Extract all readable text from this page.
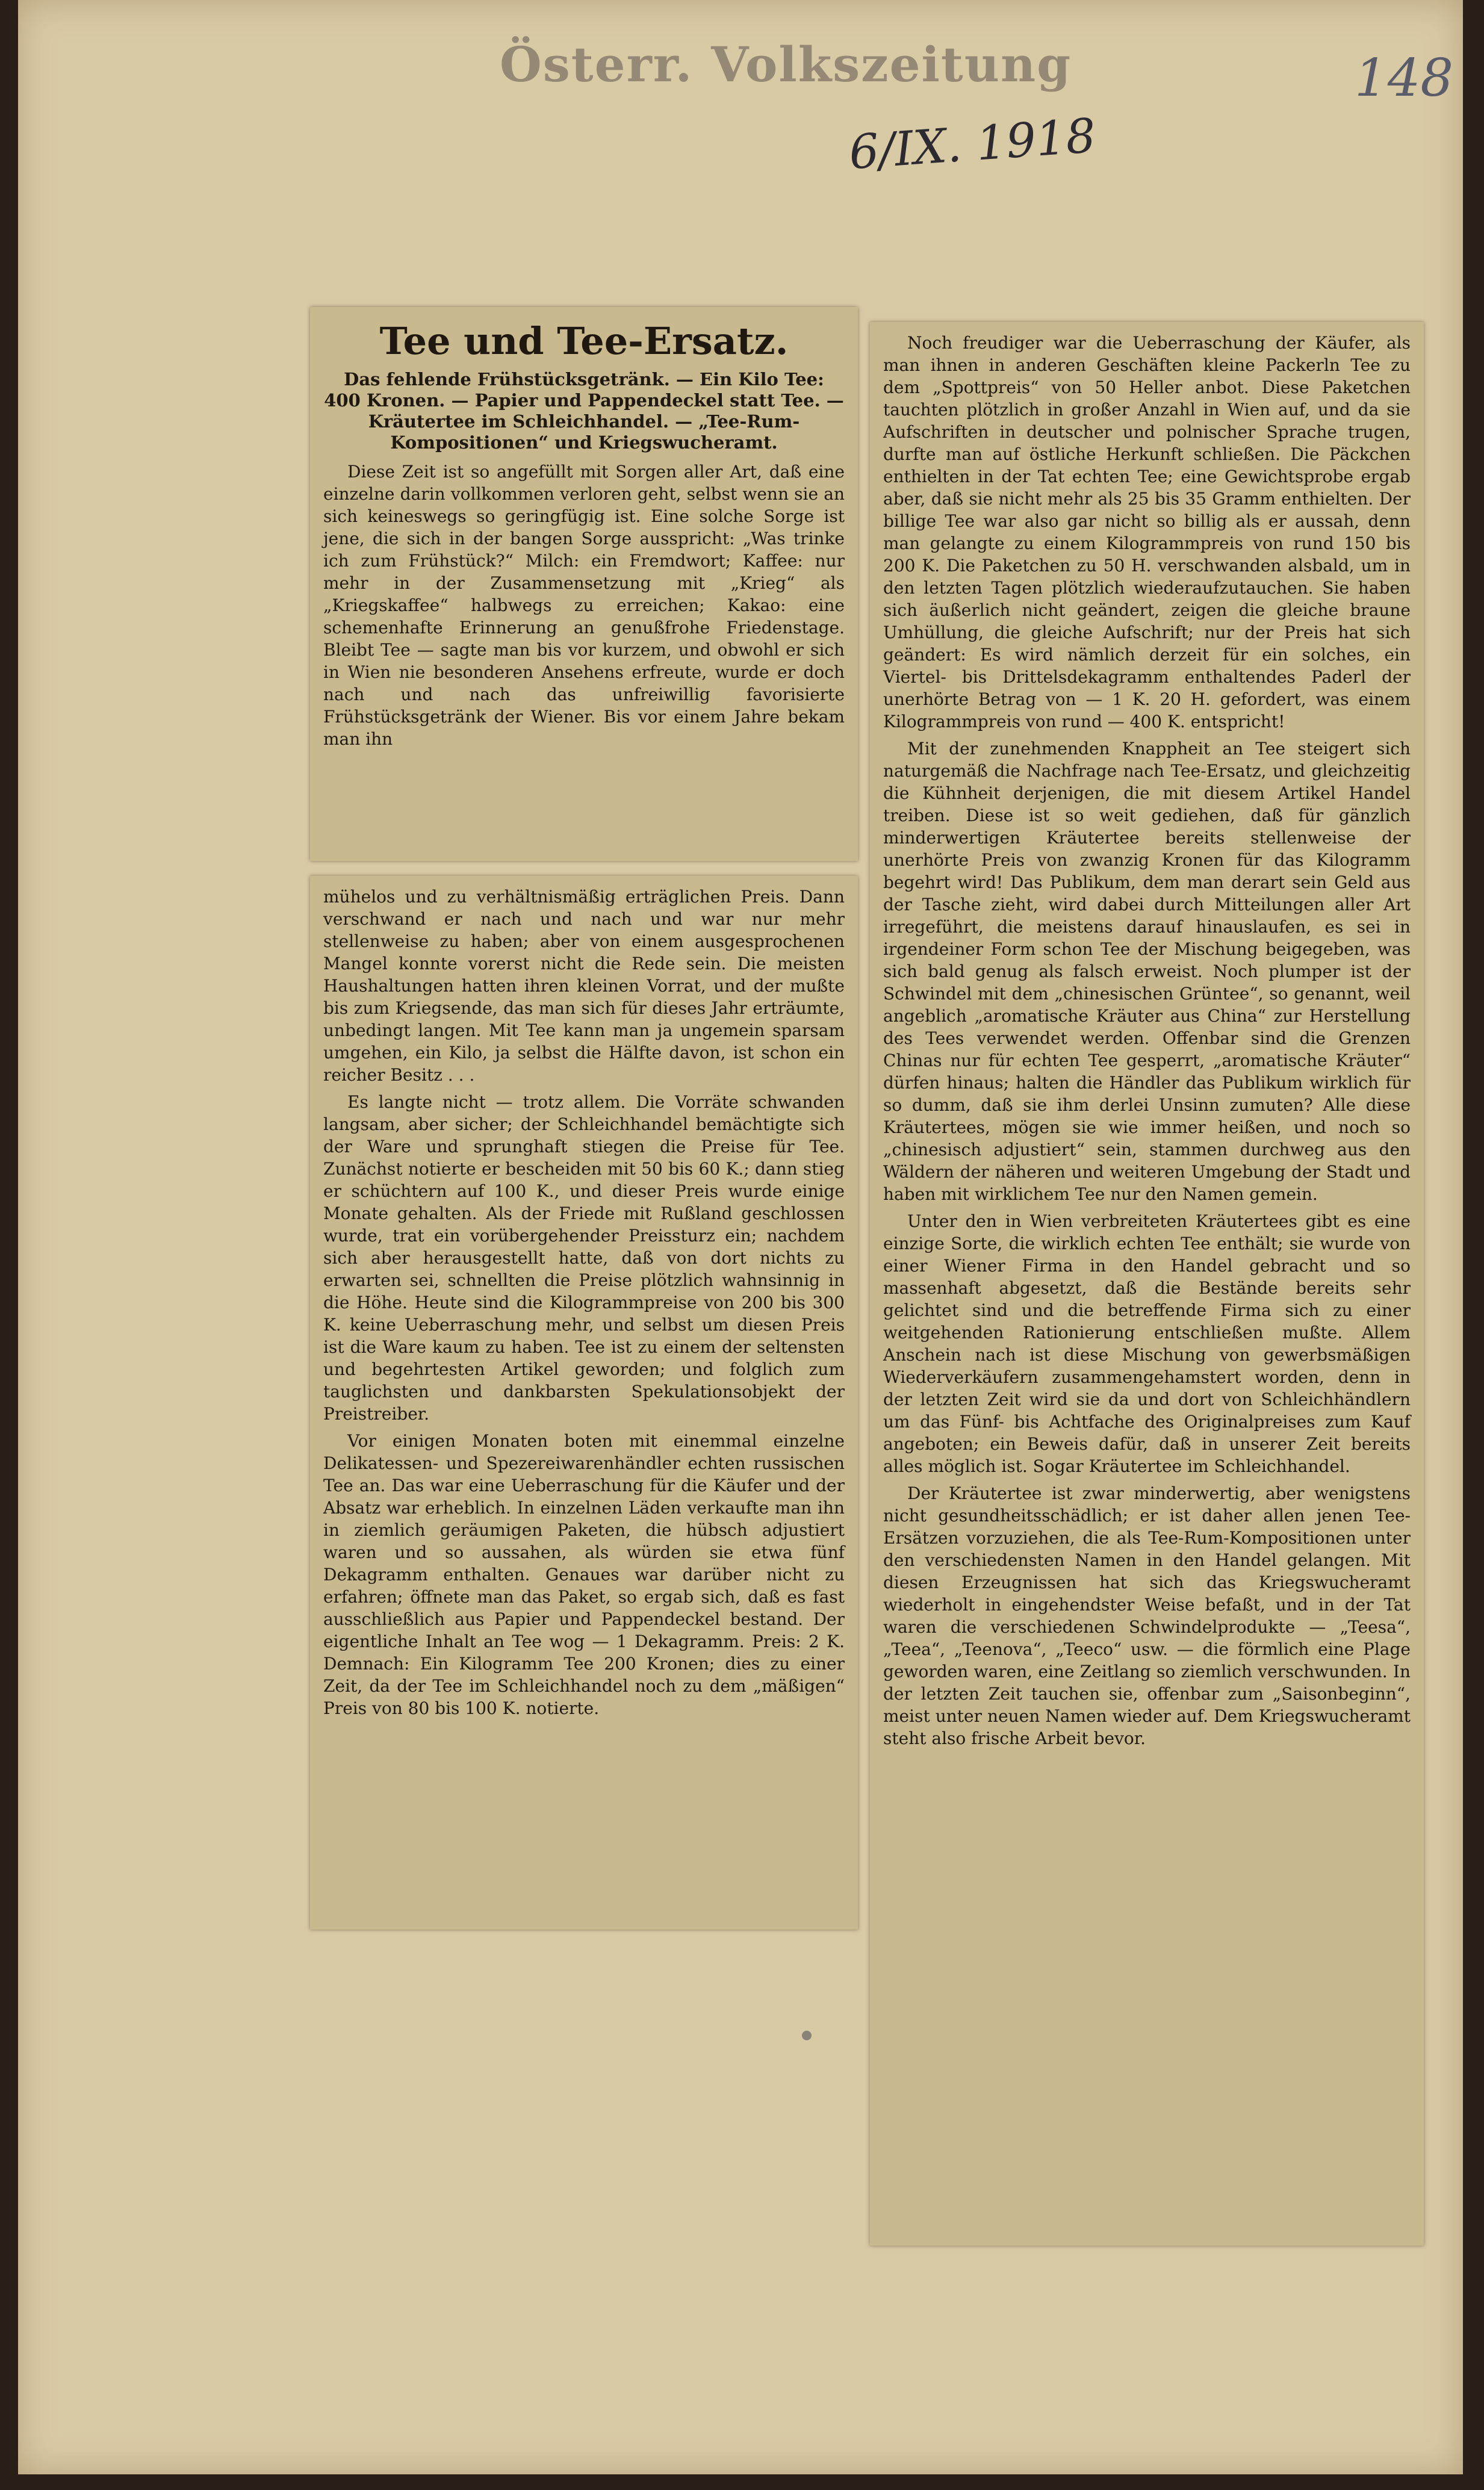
Österr. Volkszeitung
6/IX. 1918
148
Tee und Tee-Ersatz.

Das fehlende Frühstücksgetränk. — Ein Kilo Tee: 400 Kronen. — Papier und Pappendeckel statt Tee. — Kräutertee im Schleichhandel. — „Tee-Rum-Kompositionen“ und Kriegswucheramt.

Diese Zeit ist so angefüllt mit Sorgen aller Art, daß eine einzelne darin vollkommen verloren geht, selbst wenn sie an sich keineswegs so geringfügig ist. Eine solche Sorge ist jene, die sich in der bangen Sorge ausspricht: „Was trinke ich zum Frühstück?“ Milch: ein Fremdwort; Kaffee: nur mehr in der Zusammensetzung mit „Krieg“ als „Kriegskaffee“ halbwegs zu erreichen; Kakao: eine schemenhafte Erinnerung an genußfrohe Friedenstage. Bleibt Tee — sagte man bis vor kurzem, und obwohl er sich in Wien nie besonderen Ansehens erfreute, wurde er doch nach und nach das unfreiwillig favorisierte Frühstücksgetränk der Wiener. Bis vor einem Jahre bekam man ihn

mühelos und zu verhältnismäßig erträglichen Preis. Dann verschwand er nach und nach und war nur mehr stellenweise zu haben; aber von einem ausgesprochenen Mangel konnte vorerst nicht die Rede sein. Die meisten Haushaltungen hatten ihren kleinen Vorrat, und der mußte bis zum Kriegsende, das man sich für dieses Jahr erträumte, unbedingt langen. Mit Tee kann man ja ungemein sparsam umgehen, ein Kilo, ja selbst die Hälfte davon, ist schon ein reicher Besitz . . .

Es langte nicht — trotz allem. Die Vorräte schwanden langsam, aber sicher; der Schleichhandel bemächtigte sich der Ware und sprunghaft stiegen die Preise für Tee. Zunächst notierte er bescheiden mit 50 bis 60 K.; dann stieg er schüchtern auf 100 K., und dieser Preis wurde einige Monate gehalten. Als der Friede mit Rußland geschlossen wurde, trat ein vorübergehender Preissturz ein; nachdem sich aber herausgestellt hatte, daß von dort nichts zu erwarten sei, schnellten die Preise plötzlich wahnsinnig in die Höhe. Heute sind die Kilogrammpreise von 200 bis 300 K. keine Ueberraschung mehr, und selbst um diesen Preis ist die Ware kaum zu haben. Tee ist zu einem der seltensten und begehrtesten Artikel geworden; und folglich zum tauglichsten und dankbarsten Spekulationsobjekt der Preistreiber.

Vor einigen Monaten boten mit einemmal einzelne Delikatessen- und Spezereiwarenhändler echten russischen Tee an. Das war eine Ueberraschung für die Käufer und der Absatz war erheblich. In einzelnen Läden verkaufte man ihn in ziemlich geräumigen Paketen, die hübsch adjustiert waren und so aussahen, als würden sie etwa fünf Dekagramm enthalten. Genaues war darüber nicht zu erfahren; öffnete man das Paket, so ergab sich, daß es fast ausschließlich aus Papier und Pappendeckel bestand. Der eigentliche Inhalt an Tee wog — 1 Dekagramm. Preis: 2 K. Demnach: Ein Kilogramm Tee 200 Kronen; dies zu einer Zeit, da der Tee im Schleichhandel noch zu dem „mäßigen“ Preis von 80 bis 100 K. notierte.

Noch freudiger war die Ueberraschung der Käufer, als man ihnen in anderen Geschäften kleine Packerln Tee zu dem „Spottpreis“ von 50 Heller anbot. Diese Paketchen tauchten plötzlich in großer Anzahl in Wien auf, und da sie Aufschriften in deutscher und polnischer Sprache trugen, durfte man auf östliche Herkunft schließen. Die Päckchen enthielten in der Tat echten Tee; eine Gewichtsprobe ergab aber, daß sie nicht mehr als 25 bis 35 Gramm enthielten. Der billige Tee war also gar nicht so billig als er aussah, denn man gelangte zu einem Kilogrammpreis von rund 150 bis 200 K. Die Paketchen zu 50 H. verschwanden alsbald, um in den letzten Tagen plötzlich wiederaufzutauchen. Sie haben sich äußerlich nicht geändert, zeigen die gleiche braune Umhüllung, die gleiche Aufschrift; nur der Preis hat sich geändert: Es wird nämlich derzeit für ein solches, ein Viertel- bis Drittelsdekagramm enthaltendes Paderl der unerhörte Betrag von — 1 K. 20 H. gefordert, was einem Kilogrammpreis von rund — 400 K. entspricht!

Mit der zunehmenden Knappheit an Tee steigert sich naturgemäß die Nachfrage nach Tee-Ersatz, und gleichzeitig die Kühnheit derjenigen, die mit diesem Artikel Handel treiben. Diese ist so weit gediehen, daß für gänzlich minderwertigen Kräutertee bereits stellenweise der unerhörte Preis von zwanzig Kronen für das Kilogramm begehrt wird! Das Publikum, dem man derart sein Geld aus der Tasche zieht, wird dabei durch Mitteilungen aller Art irregeführt, die meistens darauf hinauslaufen, es sei in irgendeiner Form schon Tee der Mischung beigegeben, was sich bald genug als falsch erweist. Noch plumper ist der Schwindel mit dem „chinesischen Grüntee“, so genannt, weil angeblich „aromatische Kräuter aus China“ zur Herstellung des Tees verwendet werden. Offenbar sind die Grenzen Chinas nur für echten Tee gesperrt, „aromatische Kräuter“ dürfen hinaus; halten die Händler das Publikum wirklich für so dumm, daß sie ihm derlei Unsinn zumuten? Alle diese Kräutertees, mögen sie wie immer heißen, und noch so „chinesisch adjustiert“ sein, stammen durchweg aus den Wäldern der näheren und weiteren Umgebung der Stadt und haben mit wirklichem Tee nur den Namen gemein.

Unter den in Wien verbreiteten Kräutertees gibt es eine einzige Sorte, die wirklich echten Tee enthält; sie wurde von einer Wiener Firma in den Handel gebracht und so massenhaft abgesetzt, daß die Bestände bereits sehr gelichtet sind und die betreffende Firma sich zu einer weitgehenden Rationierung entschließen mußte. Allem Anschein nach ist diese Mischung von gewerbsmäßigen Wiederverkäufern zusammengehamstert worden, denn in der letzten Zeit wird sie da und dort von Schleichhändlern um das Fünf- bis Achtfache des Originalpreises zum Kauf angeboten; ein Beweis dafür, daß in unserer Zeit bereits alles möglich ist. Sogar Kräutertee im Schleichhandel.

Der Kräutertee ist zwar minderwertig, aber wenigstens nicht gesundheitsschädlich; er ist daher allen jenen Tee-Ersätzen vorzuziehen, die als Tee-Rum-Kompositionen unter den verschiedensten Namen in den Handel gelangen. Mit diesen Erzeugnissen hat sich das Kriegswucheramt wiederholt in eingehendster Weise befaßt, und in der Tat waren die verschiedenen Schwindelprodukte — „Teesa“, „Teea“, „Teenova“, „Teeco“ usw. — die förmlich eine Plage geworden waren, eine Zeitlang so ziemlich verschwunden. In der letzten Zeit tauchen sie, offenbar zum „Saisonbeginn“, meist unter neuen Namen wieder auf. Dem Kriegswucheramt steht also frische Arbeit bevor.
